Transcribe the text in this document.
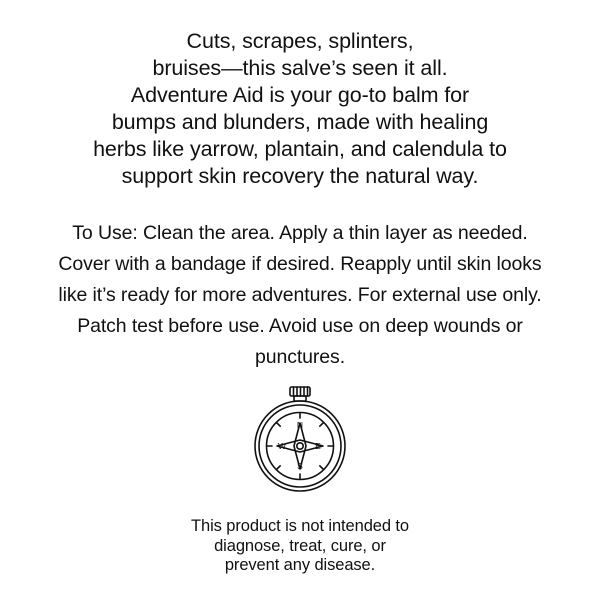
Cuts, scrapes, splinters,
bruises—this salve’s seen it all.
Adventure Aid is your go-to balm for
bumps and blunders, made with healing
herbs like yarrow, plantain, and calendula to
support skin recovery the natural way.
To Use: Clean the area. Apply a thin layer as needed.
Cover with a bandage if desired. Reapply until skin looks
like it’s ready for more adventures. For external use only.
Patch test before use. Avoid use on deep wounds or
punctures.
N
E
S
W
This product is not intended to
diagnose, treat, cure, or
prevent any disease.
